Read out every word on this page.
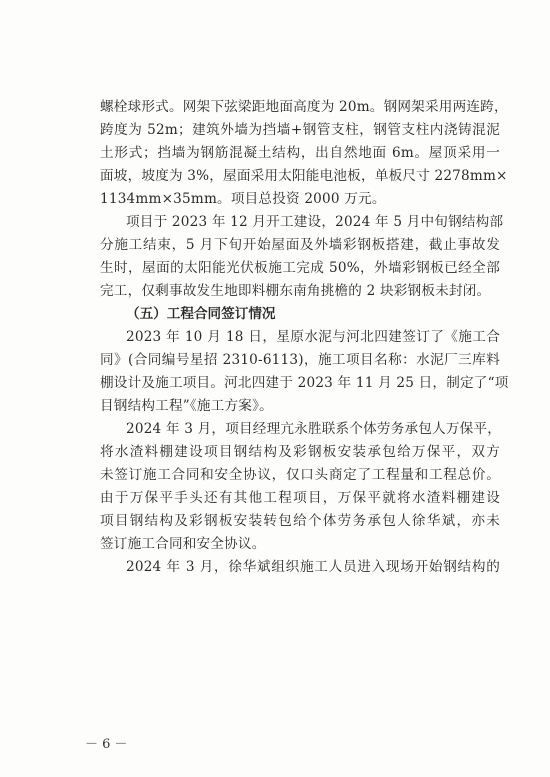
螺栓球形式。网架下弦梁距地面高度为 20m。钢网架采用两连跨，
跨度为 52m；建筑外墙为挡墙+钢管支柱，钢管支柱内浇铸混泥
土形式；挡墙为钢筋混凝土结构，出自然地面 6m。屋顶采用一
面坡，坡度为 3%，屋面采用太阳能电池板，单板尺寸 2278mm×
1134mm×35mm。项目总投资 2000 万元。
项目于 2023 年 12 月开工建设，2024 年 5 月中旬钢结构部
分施工结束，5 月下旬开始屋面及外墙彩钢板搭建，截止事故发
生时，屋面的太阳能光伏板施工完成 50%，外墙彩钢板已经全部
完工，仅剩事故发生地即料棚东南角挑檐的 2 块彩钢板未封闭。
（五）工程合同签订情况
2023 年 10 月 18 日，星原水泥与河北四建签订了《施工合
同》(合同编号星招 2310-6113)，施工项目名称：水泥厂三库料
棚设计及施工项目。河北四建于 2023 年 11 月 25 日，制定了“项
目钢结构工程”《施工方案》。
2024 年 3 月，项目经理亢永胜联系个体劳务承包人万保平，
将水渣料棚建设项目钢结构及彩钢板安装承包给万保平，双方
未签订施工合同和安全协议，仅口头商定了工程量和工程总价。
由于万保平手头还有其他工程项目，万保平就将水渣料棚建设
项目钢结构及彩钢板安装转包给个体劳务承包人徐华斌，亦未
签订施工合同和安全协议。
2024 年 3 月，徐华斌组织施工人员进入现场开始钢结构的
－ 6 －
